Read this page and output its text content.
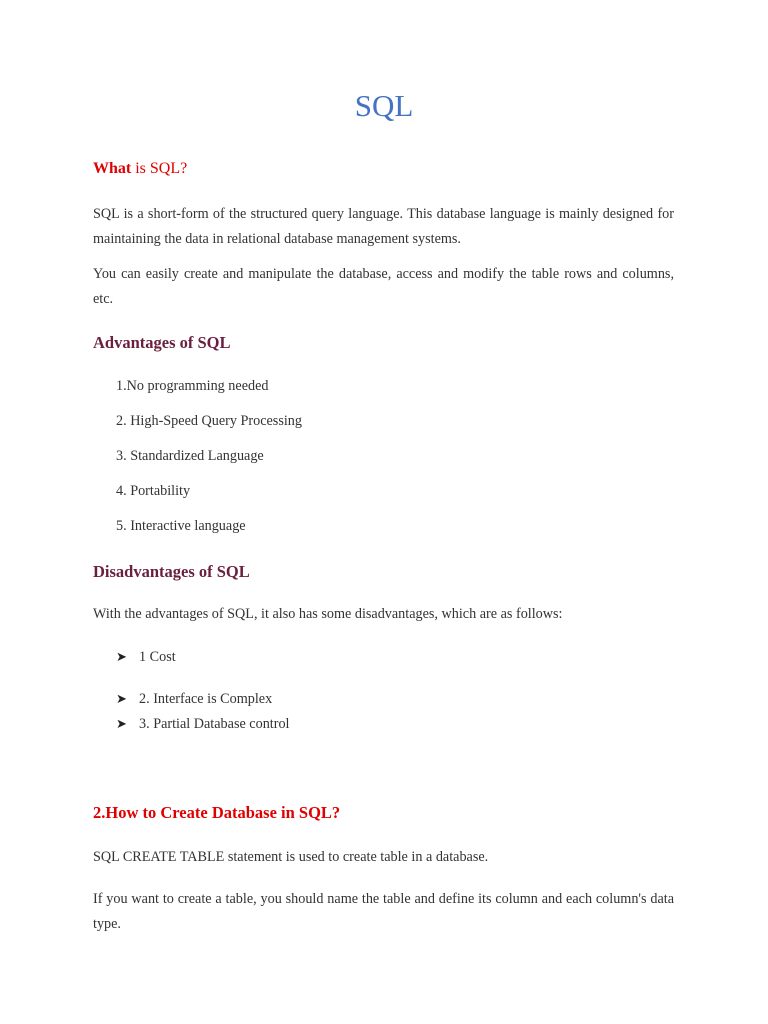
SQL
What is SQL?
SQL is a short-form of the structured query language. This database language is mainly designed for maintaining the data in relational database management systems.
You can easily create and manipulate the database, access and modify the table rows and columns, etc.
Advantages of SQL
1.No programming needed
2. High-Speed Query Processing
3. Standardized Language
4. Portability
5. Interactive language
Disadvantages of SQL
With the advantages of SQL, it also has some disadvantages, which are as follows:
➤ 1 Cost
➤ 2. Interface is Complex
➤ 3. Partial Database control
2.How to Create Database in SQL?
SQL CREATE TABLE statement is used to create table in a database.
If you want to create a table, you should name the table and define its column and each column's data type.
